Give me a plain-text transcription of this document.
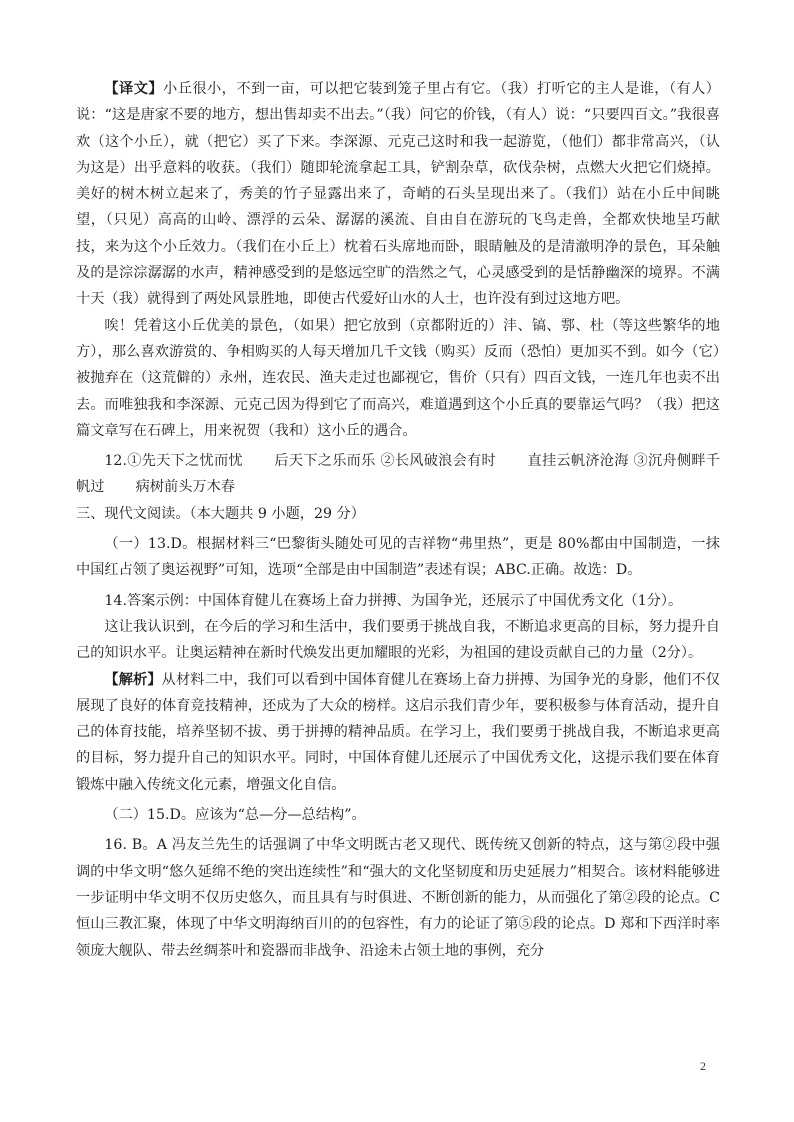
【译文】小丘很小，不到一亩，可以把它装到笼子里占有它。（我）打听它的主人是谁，（有人）说：“这是唐家不要的地方，想出售却卖不出去。”（我）问它的价钱，（有人）说：“只要四百文。”我很喜欢（这个小丘），就（把它）买了下来。李深源、元克己这时和我一起游览，（他们）都非常高兴，（认为这是）出乎意料的收获。（我们）随即轮流拿起工具，铲割杂草，砍伐杂树，点燃大火把它们烧掉。美好的树木树立起来了，秀美的竹子显露出来了，奇峭的石头呈现出来了。（我们）站在小丘中间眺望，（只见）高高的山岭、漂浮的云朵、潺潺的溪流、自由自在游玩的飞鸟走兽，全都欢快地呈巧献技，来为这个小丘效力。（我们在小丘上）枕着石头席地而卧，眼睛触及的是清澈明净的景色，耳朵触及的是淙淙潺潺的水声，精神感受到的是悠远空旷的浩然之气，心灵感受到的是恬静幽深的境界。不满十天（我）就得到了两处风景胜地，即使古代爱好山水的人士，也许没有到过这地方吧。

唉！凭着这小丘优美的景色，（如果）把它放到（京都附近的）沣、镐、鄠、杜（等这些繁华的地方），那么喜欢游赏的、争相购买的人每天增加几千文钱（购买）反而（恐怕）更加买不到。如今（它）被抛弃在（这荒僻的）永州，连农民、渔夫走过也鄙视它，售价（只有）四百文钱，一连几年也卖不出去。而唯独我和李深源、元克己因为得到它了而高兴，难道遇到这个小丘真的要靠运气吗？（我）把这篇文章写在石碑上，用来祝贺（我和）这小丘的遇合。

12.①先天下之忧而忧 后天下之乐而乐 ②长风破浪会有时 直挂云帆济沧海 ③沉舟侧畔千帆过 病树前头万木春

三、现代文阅读。（本大题共 9 小题，29 分）

（一）13.D。根据材料三“巴黎街头随处可见的吉祥物“弗里热”，更是 80%都由中国制造，一抹中国红占领了奥运视野”可知，选项“全部是由中国制造”表述有误；ABC.正确。故选：D。

14.答案示例：中国体育健儿在赛场上奋力拼搏、为国争光，还展示了中国优秀文化（1分）。

这让我认识到，在今后的学习和生活中，我们要勇于挑战自我，不断追求更高的目标，努力提升自己的知识水平。让奥运精神在新时代焕发出更加耀眼的光彩，为祖国的建设贡献自己的力量（2分）。

【解析】从材料二中，我们可以看到中国体育健儿在赛场上奋力拼搏、为国争光的身影，他们不仅展现了良好的体育竞技精神，还成为了大众的榜样。这启示我们青少年，要积极参与体育活动，提升自己的体育技能，培养坚韧不拔、勇于拼搏的精神品质。在学习上，我们要勇于挑战自我，不断追求更高的目标，努力提升自己的知识水平。同时，中国体育健儿还展示了中国优秀文化，这提示我们要在体育锻炼中融入传统文化元素，增强文化自信。

（二）15.D。应该为“总—分—总结构”。

16. B。A 冯友兰先生的话强调了中华文明既古老又现代、既传统又创新的特点，这与第②段中强调的中华文明“悠久延绵不绝的突出连续性”和“强大的文化坚韧度和历史延展力”相契合。该材料能够进一步证明中华文明不仅历史悠久，而且具有与时俱进、不断创新的能力，从而强化了第②段的论点。C 恒山三教汇聚，体现了中华文明海纳百川的的包容性，有力的论证了第⑤段的论点。D 郑和下西洋时率领庞大舰队、带去丝绸茶叶和瓷器而非战争、沿途未占领土地的事例，充分

2
